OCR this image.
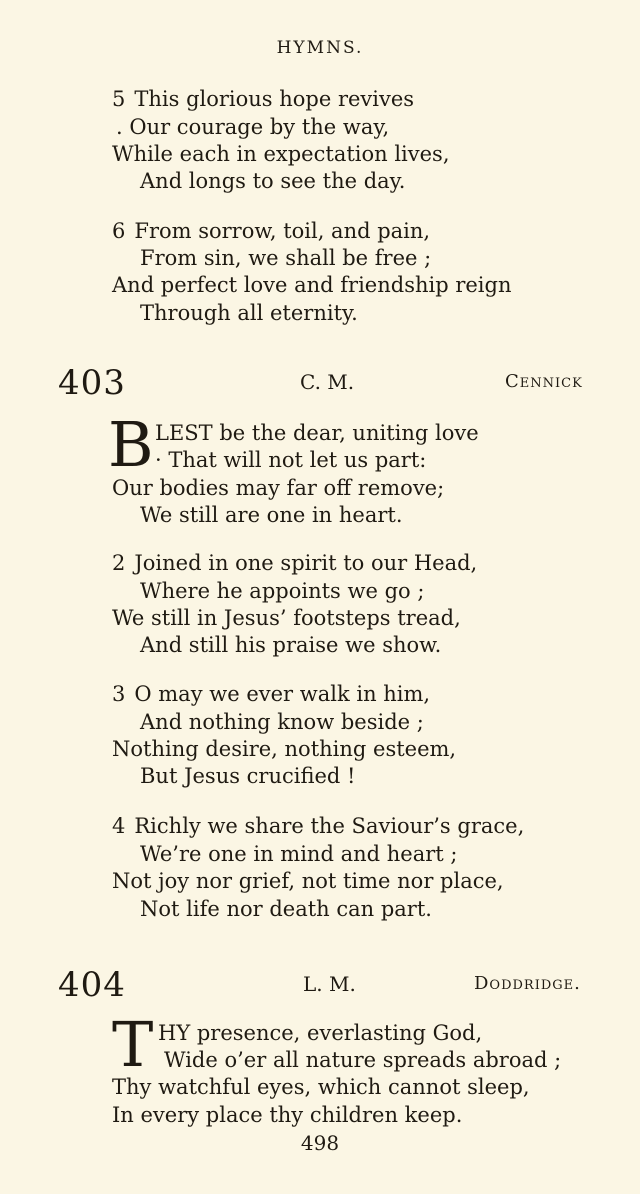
HYMNS.
5 This glorious hope revives
. Our courage by the way,
While each in expectation lives,
And longs to see the day.
6 From sorrow, toil, and pain,
From sin, we shall be free ;
And perfect love and friendship reign
Through all eternity.
403	C. M.	Cennick
B LEST be the dear, uniting love
· That will not let us part:
Our bodies may far off remove;
We still are one in heart.
2 Joined in one spirit to our Head,
Where he appoints we go ;
We still in Jesus’ footsteps tread,
And still his praise we show.
3 O may we ever walk in him,
And nothing know beside ;
Nothing desire, nothing esteem,
But Jesus crucified !
4 Richly we share the Saviour’s grace,
We’re one in mind and heart ;
Not joy nor grief, not time nor place,
Not life nor death can part.
404	L. M.	Doddridge.
T HY presence, everlasting God,
Wide o’er all nature spreads abroad ;
Thy watchful eyes, which cannot sleep,
In every place thy children keep.
498
